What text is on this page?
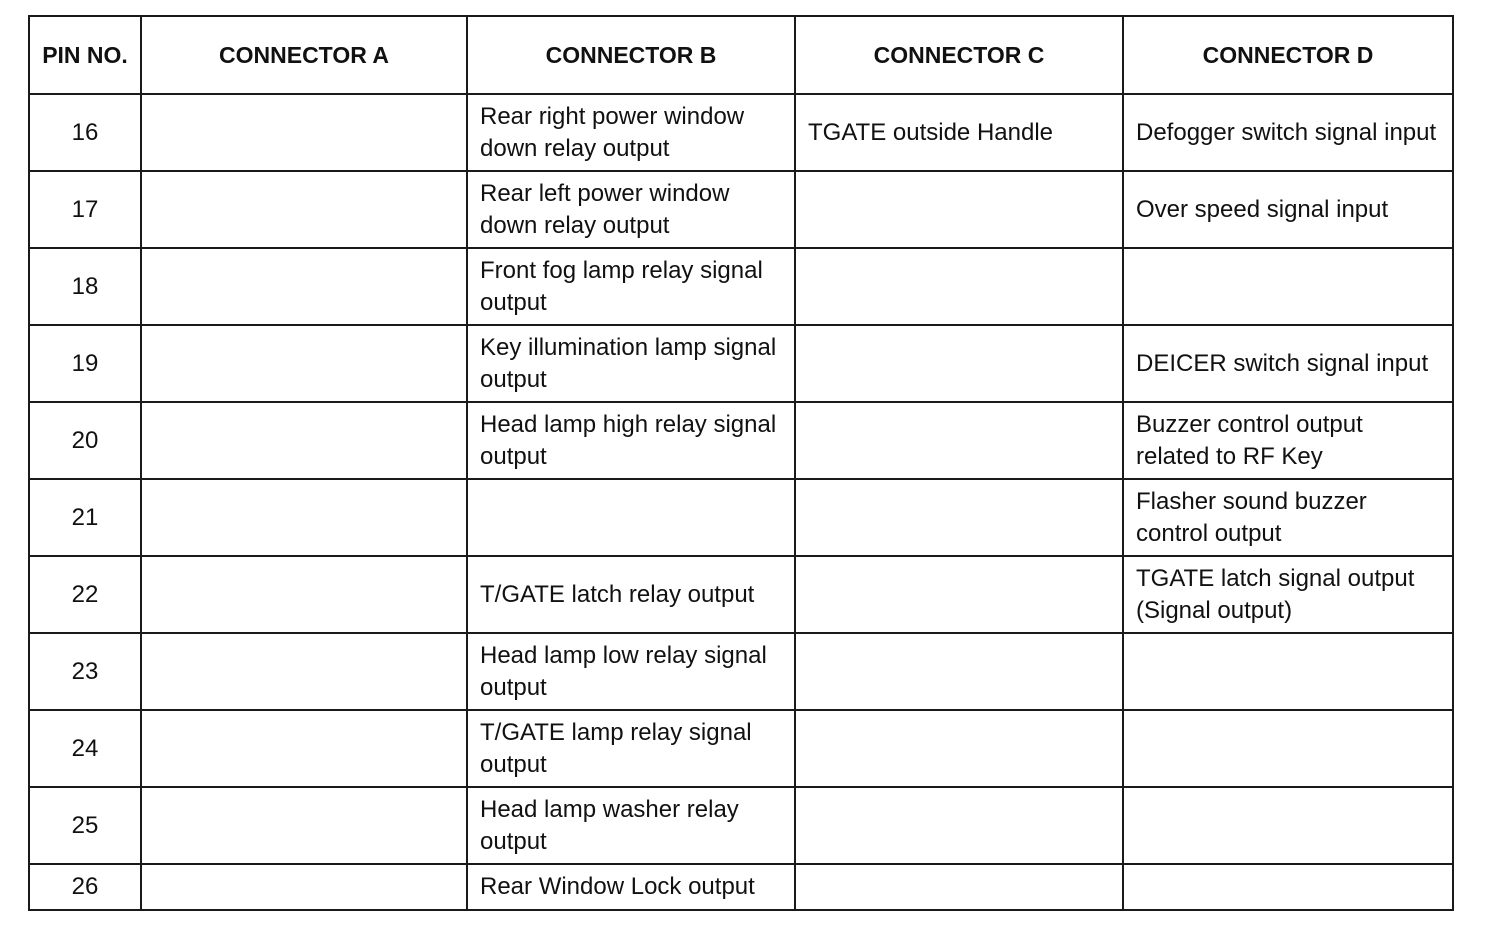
PIN NO.	CONNECTOR A	CONNECTOR B	CONNECTOR C	CONNECTOR D
16		Rear right power window down relay output	TGATE outside Handle	Defogger switch signal input
17		Rear left power window down relay output		Over speed signal input
18		Front fog lamp relay signal output		
19		Key illumination lamp signal output		DEICER switch signal input
20		Head lamp high relay signal output		Buzzer control output related to RF Key
21				Flasher sound buzzer control output
22		T/GATE latch relay output		TGATE latch signal output (Signal output)
23		Head lamp low relay signal output		
24		T/GATE lamp relay signal output		
25		Head lamp washer relay output		
26		Rear Window Lock output		
